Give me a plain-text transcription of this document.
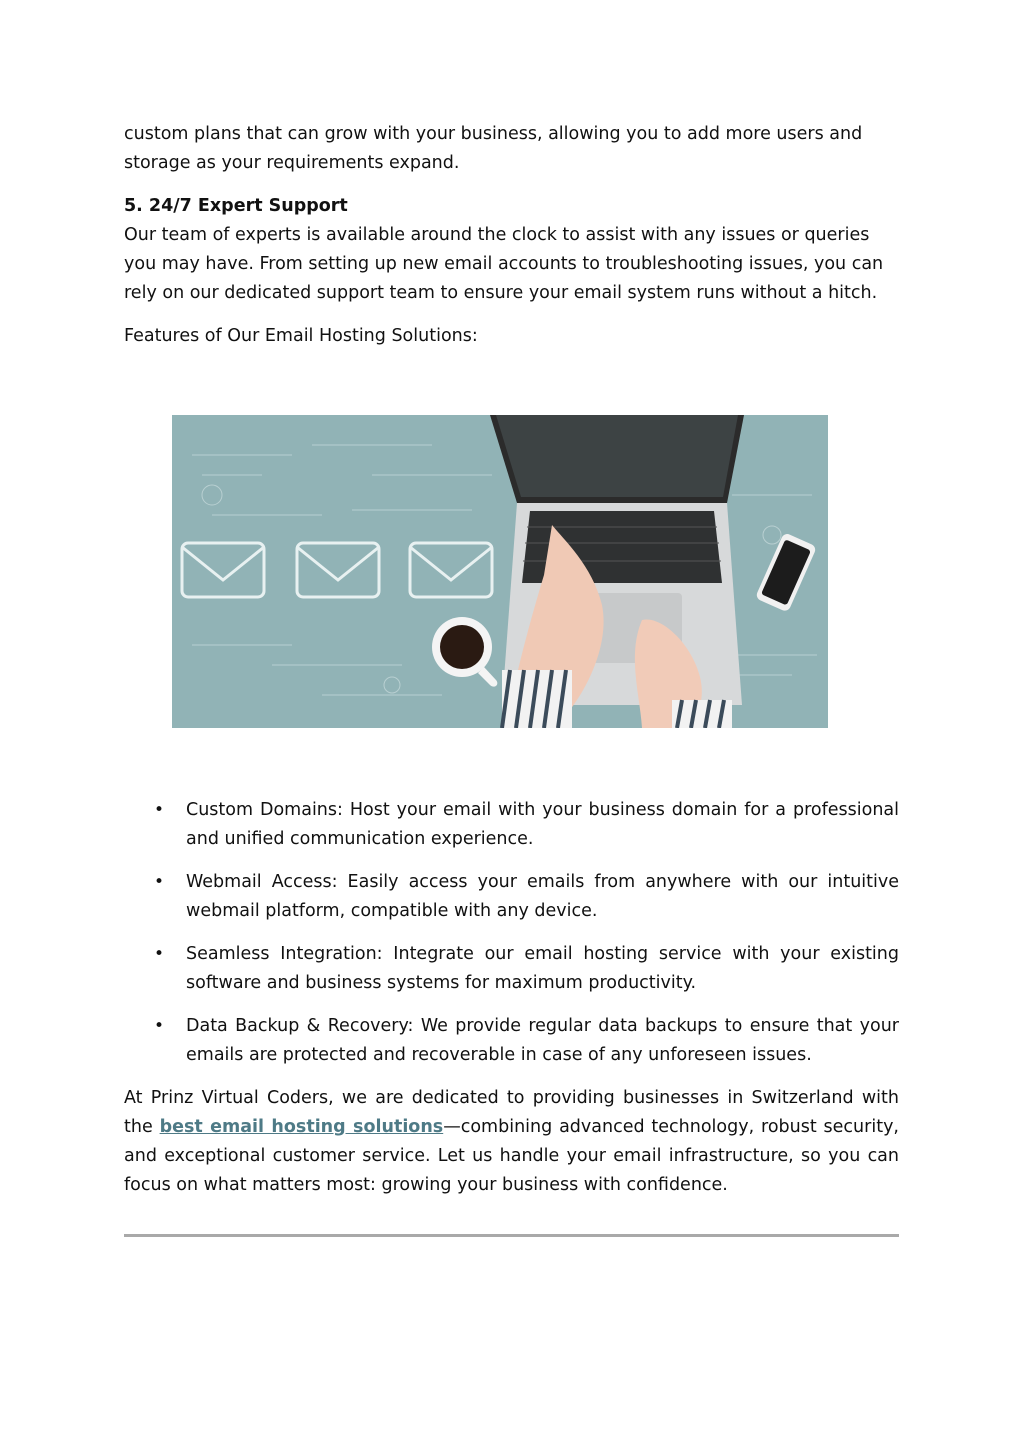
custom plans that can grow with your business, allowing you to add more users and storage as your requirements expand.

5. 24/7 Expert Support

Our team of experts is available around the clock to assist with any issues or queries you may have. From setting up new email accounts to troubleshooting issues, you can rely on our dedicated support team to ensure your email system runs without a hitch.

Features of Our Email Hosting Solutions:

• Custom Domains: Host your email with your business domain for a professional and unified communication experience.
• Webmail Access: Easily access your emails from anywhere with our intuitive webmail platform, compatible with any device.
• Seamless Integration: Integrate our email hosting service with your existing software and business systems for maximum productivity.
• Data Backup & Recovery: We provide regular data backups to ensure that your emails are protected and recoverable in case of any unforeseen issues.

At Prinz Virtual Coders, we are dedicated to providing businesses in Switzerland with the best email hosting solutions—combining advanced technology, robust security, and exceptional customer service. Let us handle your email infrastructure, so you can focus on what matters most: growing your business with confidence.
